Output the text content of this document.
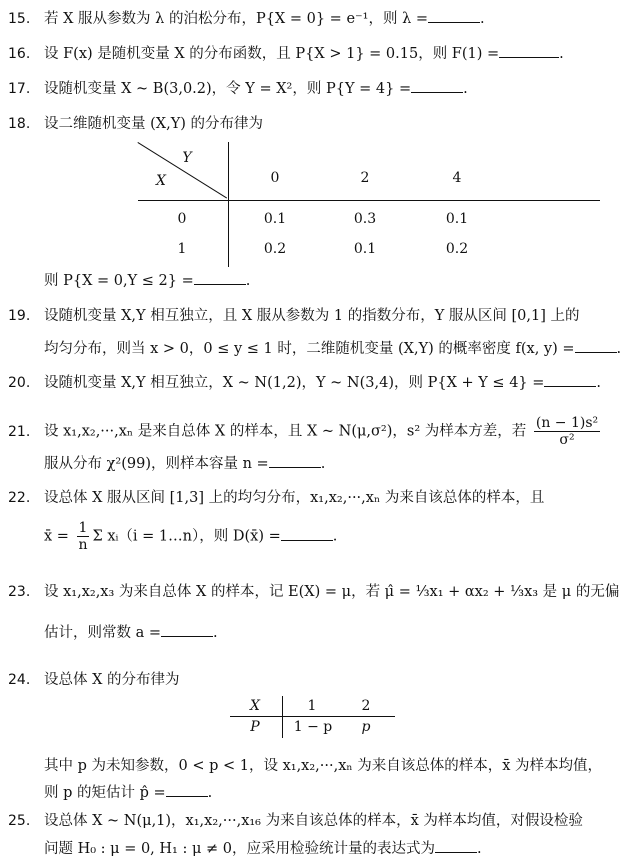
15. 若 X 服从参数为 λ 的泊松分布，P{X = 0} = e⁻¹，则 λ =	.
16. 设 F(x) 是随机变量 X 的分布函数，且 P{X > 1} = 0.15，则 F(1) =	.
17. 设随机变量 X ~ B(3,0.2)，令 Y = X²，则 P{Y = 4} =	.
18. 设二维随机变量 (X,Y) 的分布律为
Y
X	0	2	4
0	0.1	0.3	0.1
1	0.2	0.1	0.2
则 P{X = 0,Y ≤ 2} =	.
19. 设随机变量 X,Y 相互独立，且 X 服从参数为 1 的指数分布，Y 服从区间 [0,1] 上的
均匀分布，则当 x > 0，0 ≤ y ≤ 1 时，二维随机变量 (X,Y) 的概率密度 f(x, y) =	.
20. 设随机变量 X,Y 相互独立，X ~ N(1,2)，Y ~ N(3,4)，则 P{X + Y ≤ 4} =	.
21. 设 x₁,x₂,···,xₙ 是来自总体 X 的样本，且 X ~ N(μ,σ²)，s² 为样本方差，若 $\frac{\text{(n − 1)s²}}{\text{σ²}}$
服从分布 χ²(99)，则样本容量 n =	.
22. 设总体 X 服从区间 [1,3] 上的均匀分布，x₁,x₂,···,xₙ 为来自该总体的样本，且
x̄ = $\frac{1}{n}$ Σ xᵢ（i = 1…n），则 D(x̄) =	.
23. 设 x₁,x₂,x₃ 为来自总体 X 的样本，记 E(X) = μ，若 μ̂ = ⅓x₁ + αx₂ + ⅓x₃ 是 μ 的无偏
估计，则常数 a =	.
24. 设总体 X 的分布律为
X	1	2
P	1 − p	p
其中 p 为未知参数，0 < p < 1，设 x₁,x₂,···,xₙ 为来自该总体的样本，x̄ 为样本均值，
则 p 的矩估计 p̂ =	.
25. 设总体 X ~ N(μ,1)，x₁,x₂,···,x₁₆ 为来自该总体的样本，x̄ 为样本均值，对假设检验
问题 H₀ : μ = 0, H₁ : μ ≠ 0，应采用检验统计量的表达式为	.
